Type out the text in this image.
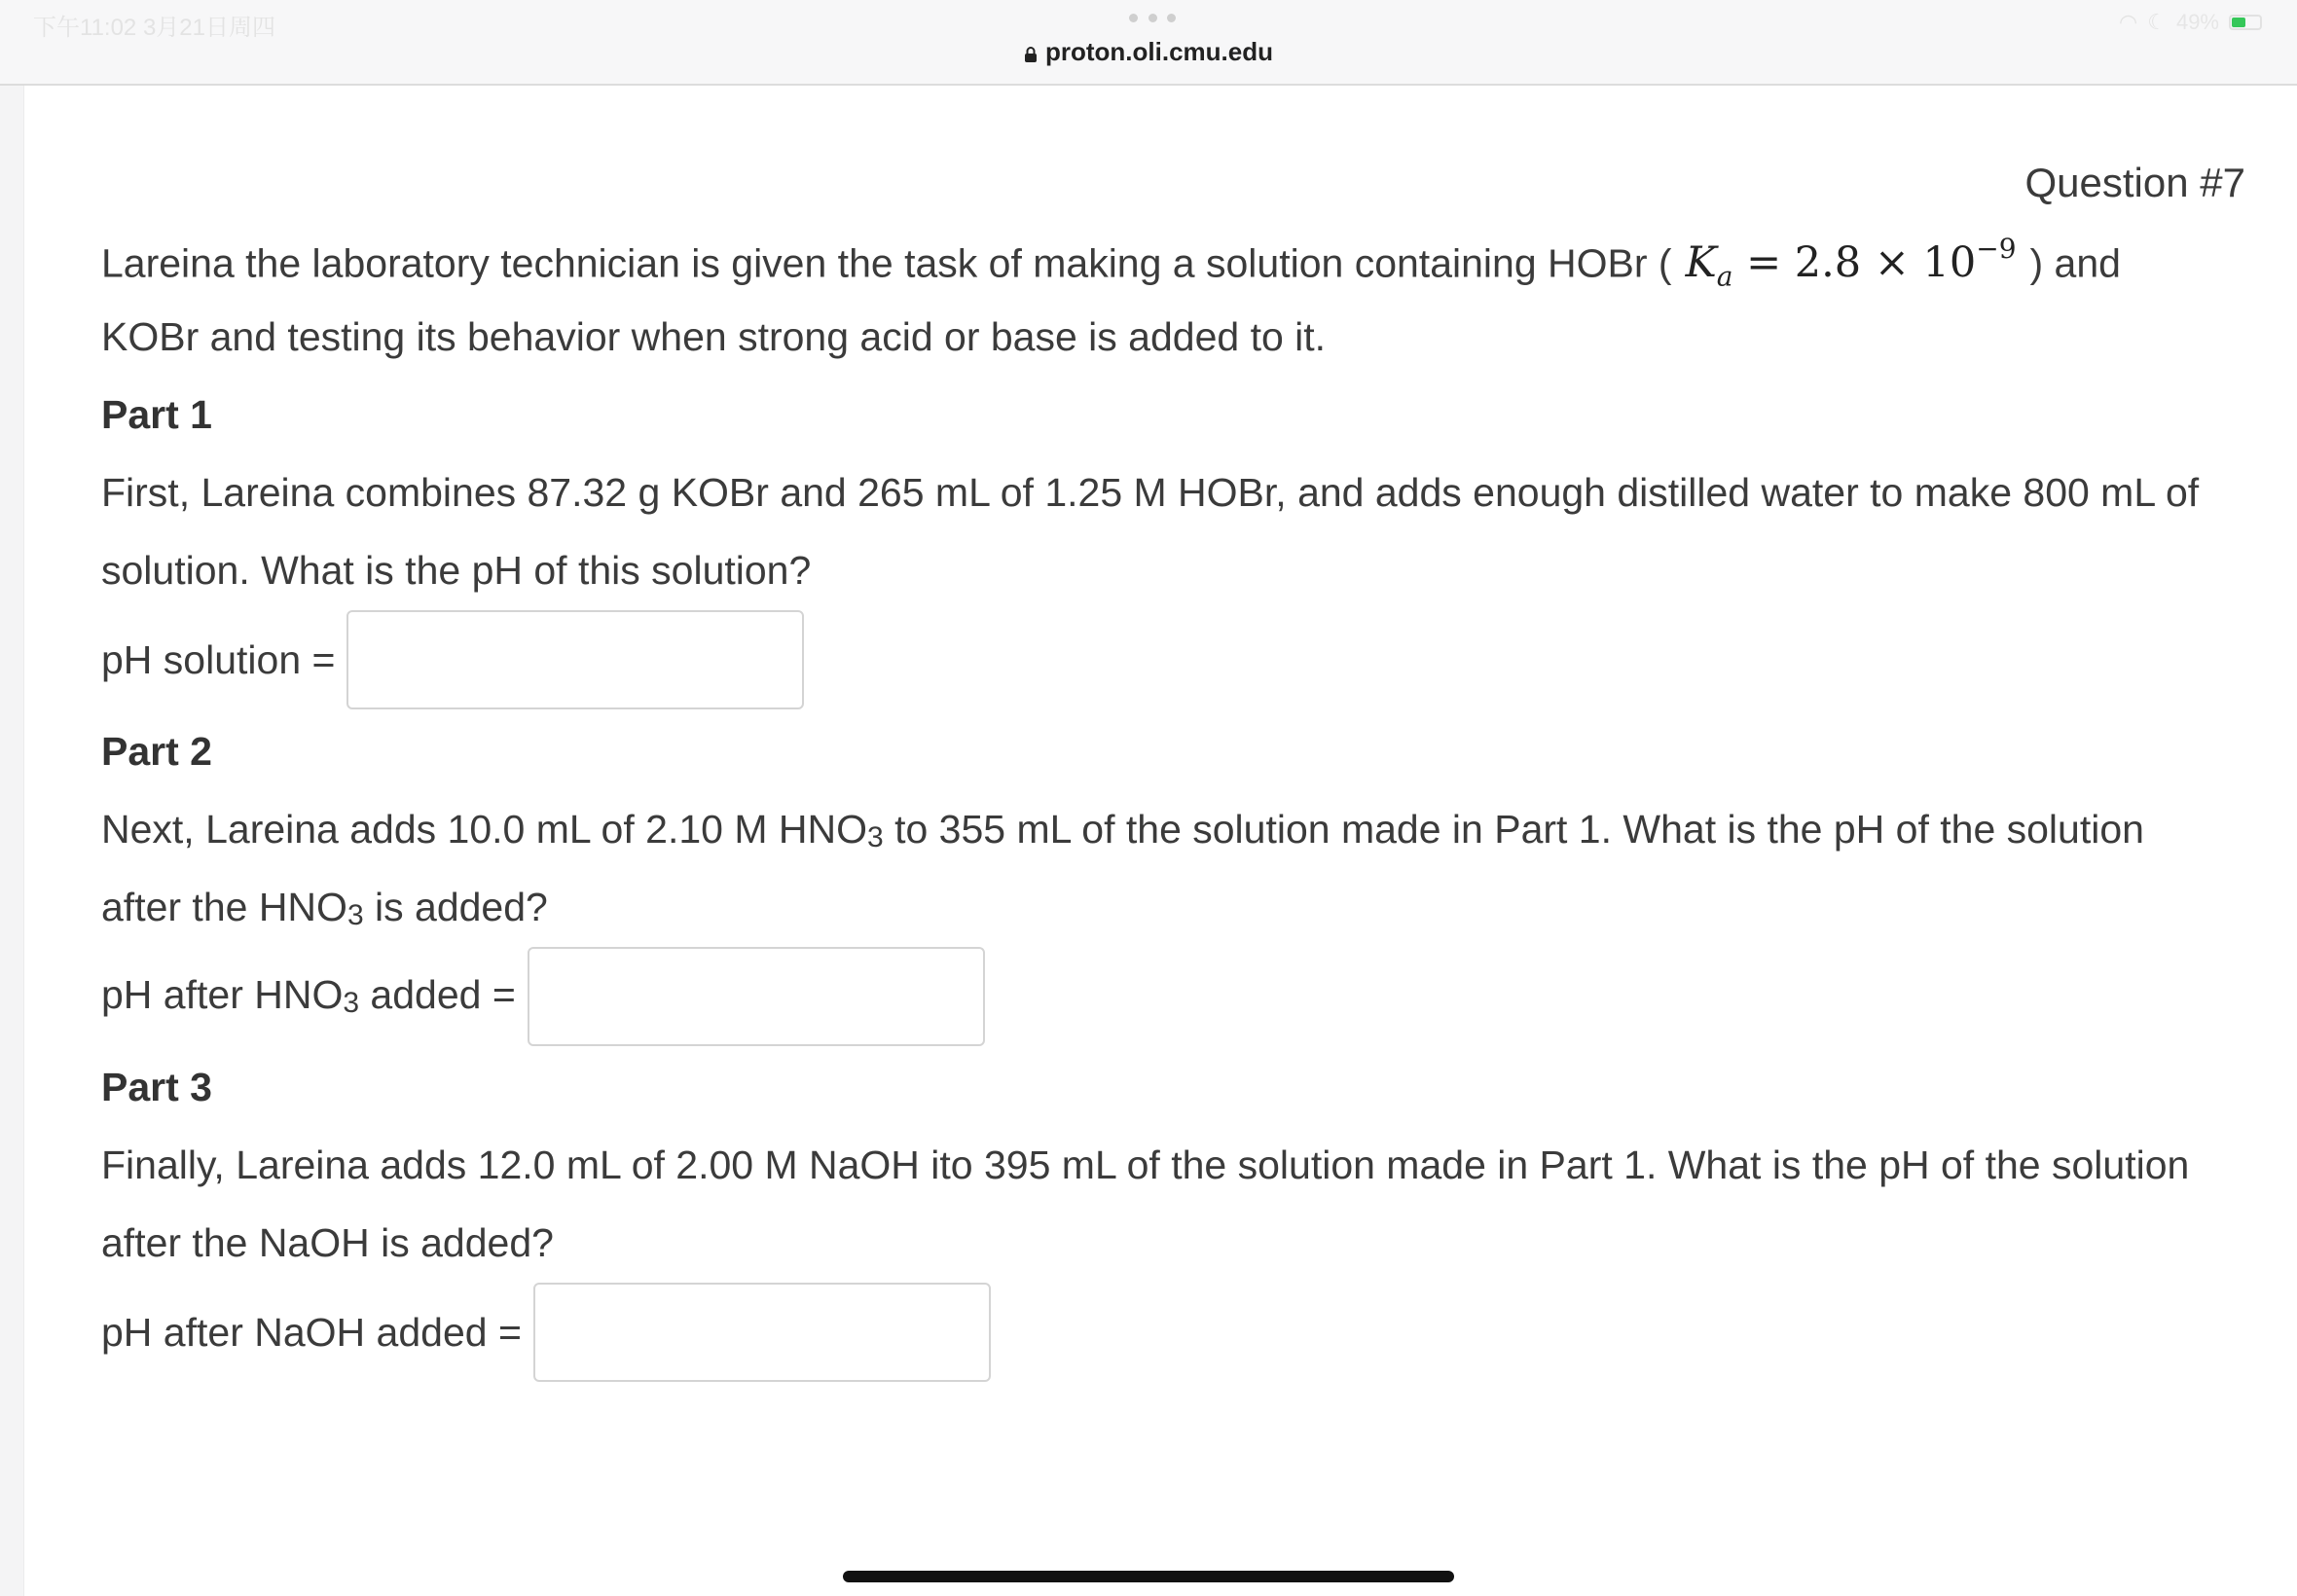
下午11:02 3月21日周四
proton.oli.cmu.edu
◠ ☾ 49%
Question #7

Lareina the laboratory technician is given the task of making a solution containing HOBr ( $K_a = 2.8 \times 10^{-9}$ ) and

KOBr and testing its behavior when strong acid or base is added to it.

Part 1

First, Lareina combines 87.32 g KOBr and 265 mL of 1.25 M HOBr, and adds enough distilled water to make 800 mL of

solution. What is the pH of this solution?

pH solution =
Part 2

Next, Lareina adds 10.0 mL of 2.10 M $HNO_3$ to 355 mL of the solution made in Part 1. What is the pH of the solution

after the $HNO_3$ is added?

pH after $HNO_3$ added =
Part 3

Finally, Lareina adds 12.0 mL of 2.00 M NaOH ito 395 mL of the solution made in Part 1. What is the pH of the solution

after the NaOH is added?

pH after NaOH added =
